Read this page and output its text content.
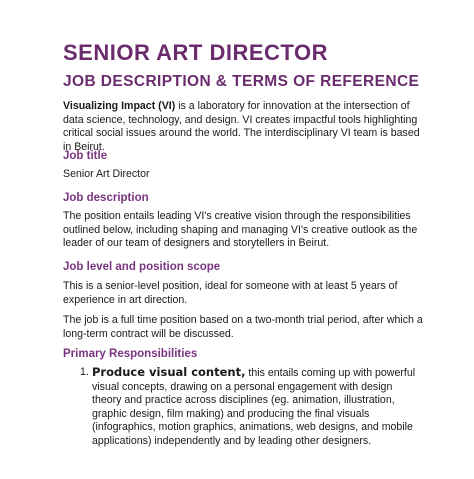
SENIOR ART DIRECTOR
JOB DESCRIPTION & TERMS OF REFERENCE

Visualizing Impact (VI) is a laboratory for innovation at the intersection of data science, technology, and design. VI creates impactful tools highlighting critical social issues around the world. The interdisciplinary VI team is based in Beirut.

Job title

Senior Art Director

Job description

The position entails leading VI's creative vision through the responsibilities outlined below, including shaping and managing VI's creative outlook as the leader of our team of designers and storytellers in Beirut.

Job level and position scope

This is a senior-level position, ideal for someone with at least 5 years of experience in art direction.

The job is a full time position based on a two-month trial period, after which a long-term contract will be discussed.

Primary Responsibilities
1. Produce visual content, this entails coming up with powerful visual concepts, drawing on a personal engagement with design theory and practice across disciplines (eg. animation, illustration, graphic design, film making) and producing the final visuals (infographics, motion graphics, animations, web designs, and mobile applications) independently and by leading other designers.
